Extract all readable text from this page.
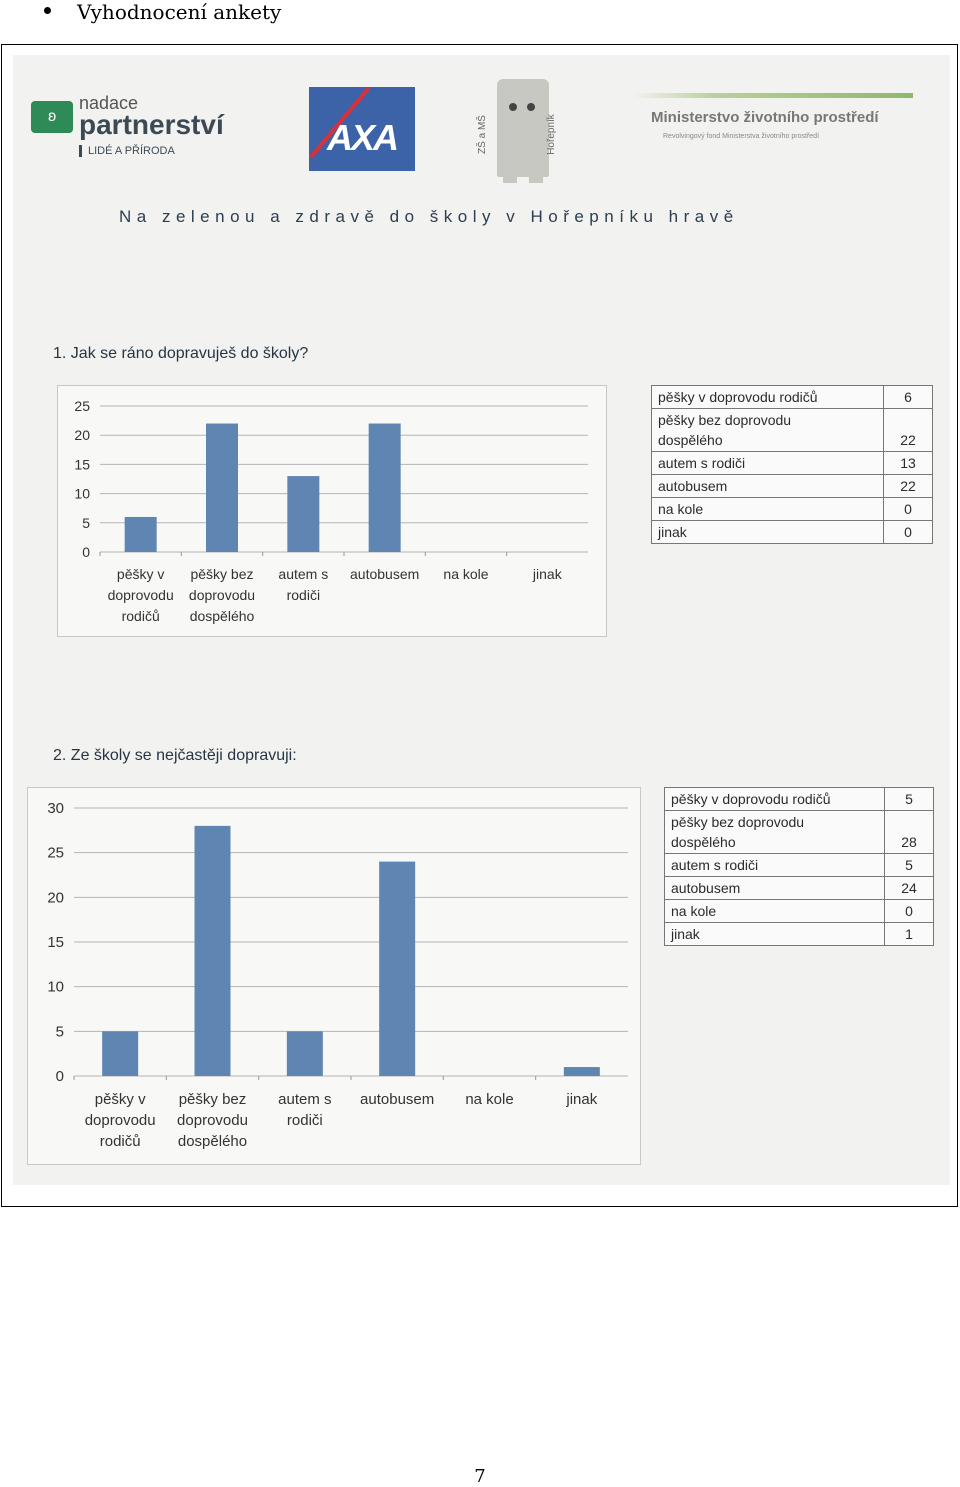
Vyhodnocení ankety
ʚ
nadace
partnerství
LIDÉ A PŘÍRODA	AXA	ZŠ a MŠ	Hořepník	Ministerstvo životního prostředí
Revolvingový fond Ministerstva životního prostředí
Na zelenou a zdravě do školy v Hořepníku hravě
1. Jak se ráno dopravuješ do školy?
0
5
10
15
20
25
pěšky v doprovodu rodičů
pěšky bez doprovodu dospělého
autem s rodiči
autobusem na kole	jinak
pěšky v doprovodu rodičů	6
pěšky bez doprovodu
dospělého	22
autem s rodiči	13
autobusem	22
na kole	0
jinak	0
2. Ze školy se nejčastěji dopravuji:
0
5
10
15
20
25
30
pěšky v doprovodu rodičů
pěšky bez doprovodu dospělého
autem s rodiči
autobusem na kole	jinak
pěšky v doprovodu rodičů	5
pěšky bez doprovodu
dospělého	28
autem s rodiči	5
autobusem	24
na kole	0
jinak	1
7
